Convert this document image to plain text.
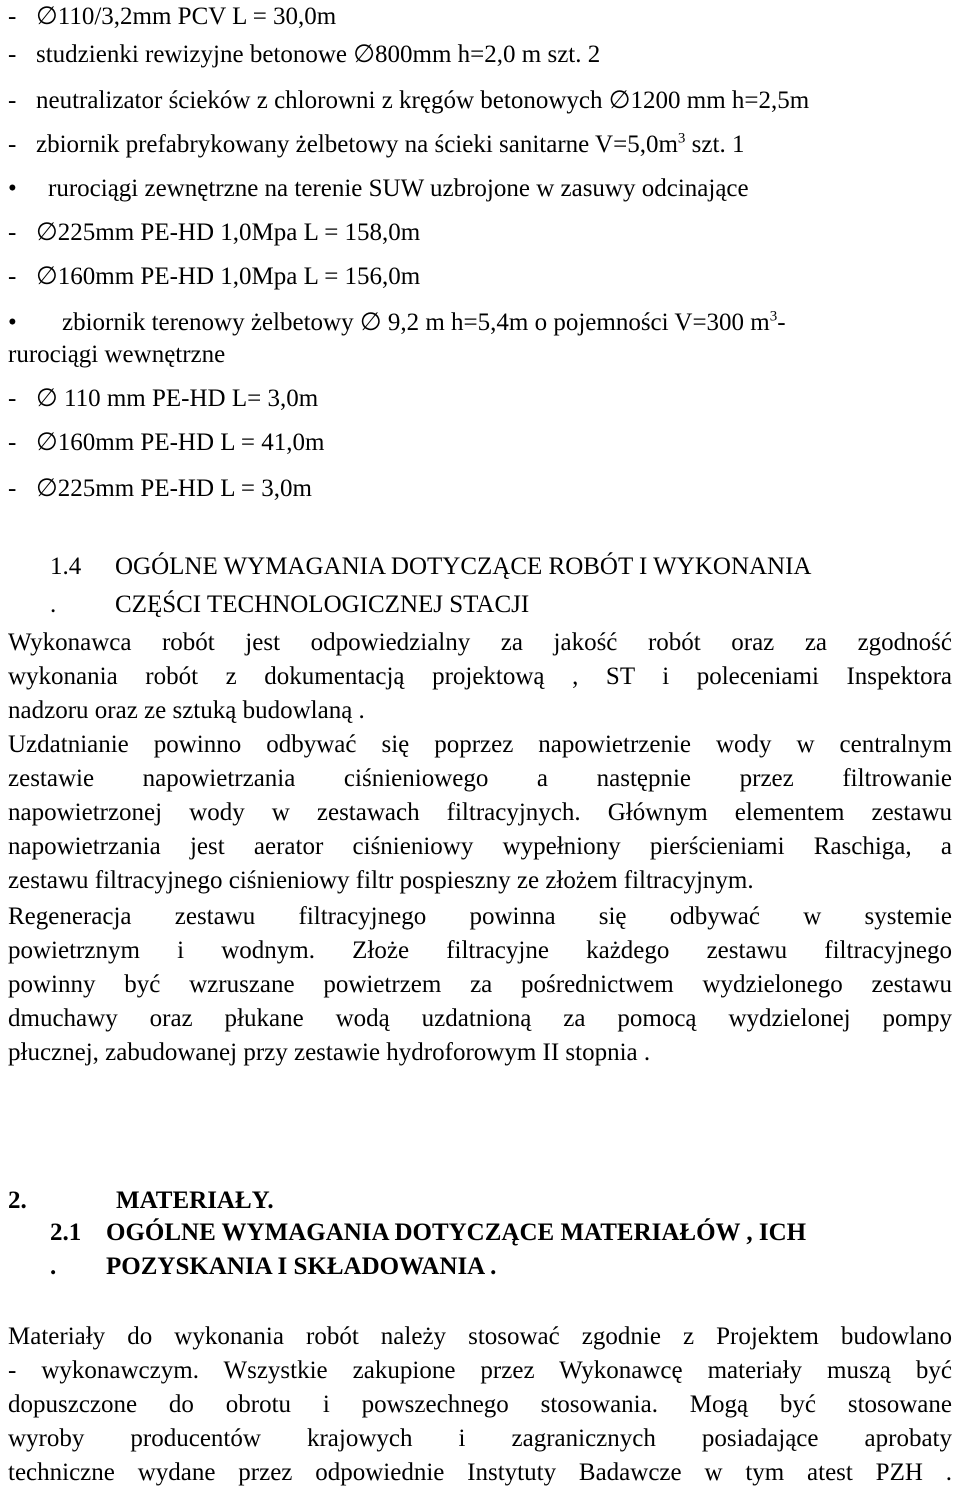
- ∅110/3,2mm PCV L = 30,0m
- studzienki rewizyjne betonowe ∅800mm h=2,0 m szt. 2
- neutralizator ścieków z chlorowni z kręgów betonowych ∅1200 mm h=2,5m
- zbiornik prefabrykowany żelbetowy na ścieki sanitarne $V=5,0m^3$ szt. 1
• rurociągi zewnętrzne na terenie SUW uzbrojone w zasuwy odcinające
- ∅225mm PE-HD 1,0Mpa L = 158,0m
- ∅160mm PE-HD 1,0Mpa L = 156,0m
• zbiornik terenowy żelbetowy ∅ 9,2 m h=5,4m o pojemności V=300 $m^3-$
rurociągi wewnętrzne
- ∅ 110 mm PE-HD L= 3,0m
- ∅160mm PE-HD L = 41,0m
- ∅225mm PE-HD L = 3,0m
1.4 OGÓLNE WYMAGANIA DOTYCZĄCE ROBÓT I WYKONANIA
. CZĘŚCI TECHNOLOGICZNEJ STACJI
Wykonawca robót jest odpowiedzialny za jakość robót oraz za zgodność
wykonania robót z dokumentacją projektową , ST i poleceniami Inspektora
nadzoru oraz ze sztuką budowlaną .
Uzdatnianie powinno odbywać się poprzez napowietrzenie wody w centralnym
zestawie napowietrzania ciśnieniowego a następnie przez filtrowanie
napowietrzonej wody w zestawach filtracyjnych. Głównym elementem zestawu
napowietrzania jest aerator ciśnieniowy wypełniony pierścieniami Raschiga, a
zestawu filtracyjnego ciśnieniowy filtr pospieszny ze złożem filtracyjnym.
Regeneracja zestawu filtracyjnego powinna się odbywać w systemie
powietrznym i wodnym. Złoże filtracyjne każdego zestawu filtracyjnego
powinny być wzruszane powietrzem za pośrednictwem wydzielonego zestawu
dmuchawy oraz płukane wodą uzdatnioną za pomocą wydzielonej pompy
płucznej, zabudowanej przy zestawie hydroforowym II stopnia .
2.	MATERIAŁY.
2.1 OGÓLNE WYMAGANIA DOTYCZĄCE MATERIAŁÓW , ICH
. POZYSKANIA I SKŁADOWANIA .
Materiały do wykonania robót należy stosować zgodnie z Projektem budowlano
- wykonawczym. Wszystkie zakupione przez Wykonawcę materiały muszą być
dopuszczone do obrotu i powszechnego stosowania. Mogą być stosowane
wyroby producentów krajowych i zagranicznych posiadające aprobaty
techniczne wydane przez odpowiednie Instytuty Badawcze w tym atest PZH .
